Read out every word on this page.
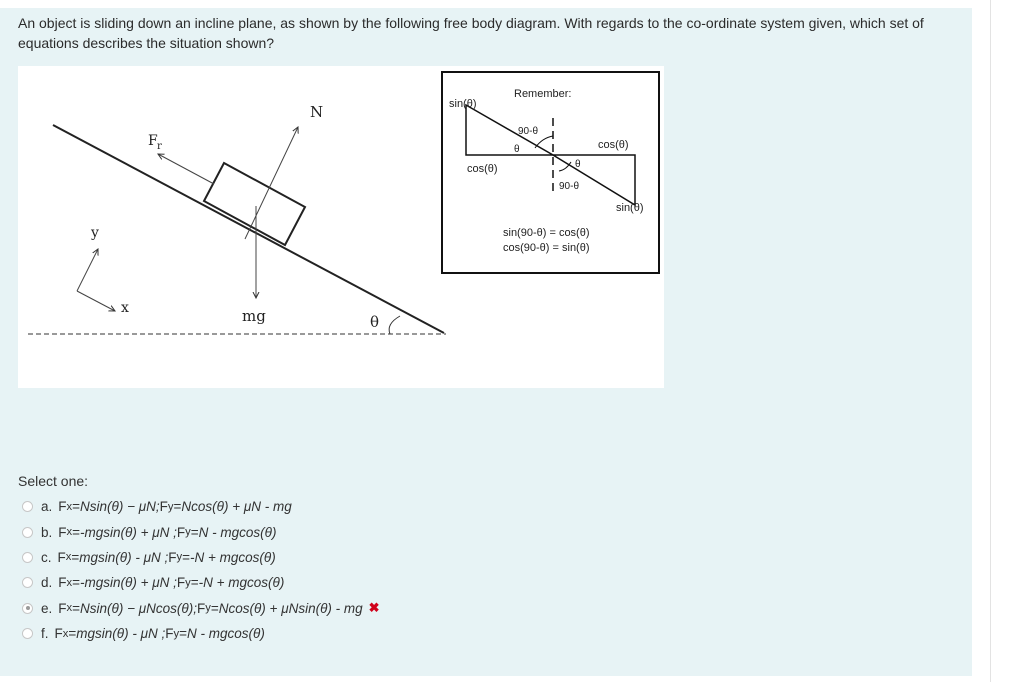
An object is sliding down an incline plane, as shown by the following free body diagram. With regards to the co-ordinate system given, which set of equations describes the situation shown?
N
F r
y
x	mg	θ
Remember:
sin(θ)
90-θ
θ	cos(θ)
cos(θ)	θ
90-θ
sin(θ)
sin(90-θ) = cos(θ)
cos(90-θ) = sin(θ)
Select one:
a. F x = Nsin(θ) − μN; F y = Ncos(θ) + μN - mg
b. F x = -mgsin(θ) + μN ; F y = N - mgcos(θ)
c. F x = mgsin(θ) - μN ; F y = -N + mgcos(θ)
d. F x = -mgsin(θ) + μN ; F y = -N + mgcos(θ)
e. F x = Nsin(θ) − μNcos(θ); F y = Ncos(θ) + μNsin(θ) - mg ✖
f. F x = mgsin(θ) - μN ; F y = N - mgcos(θ)
